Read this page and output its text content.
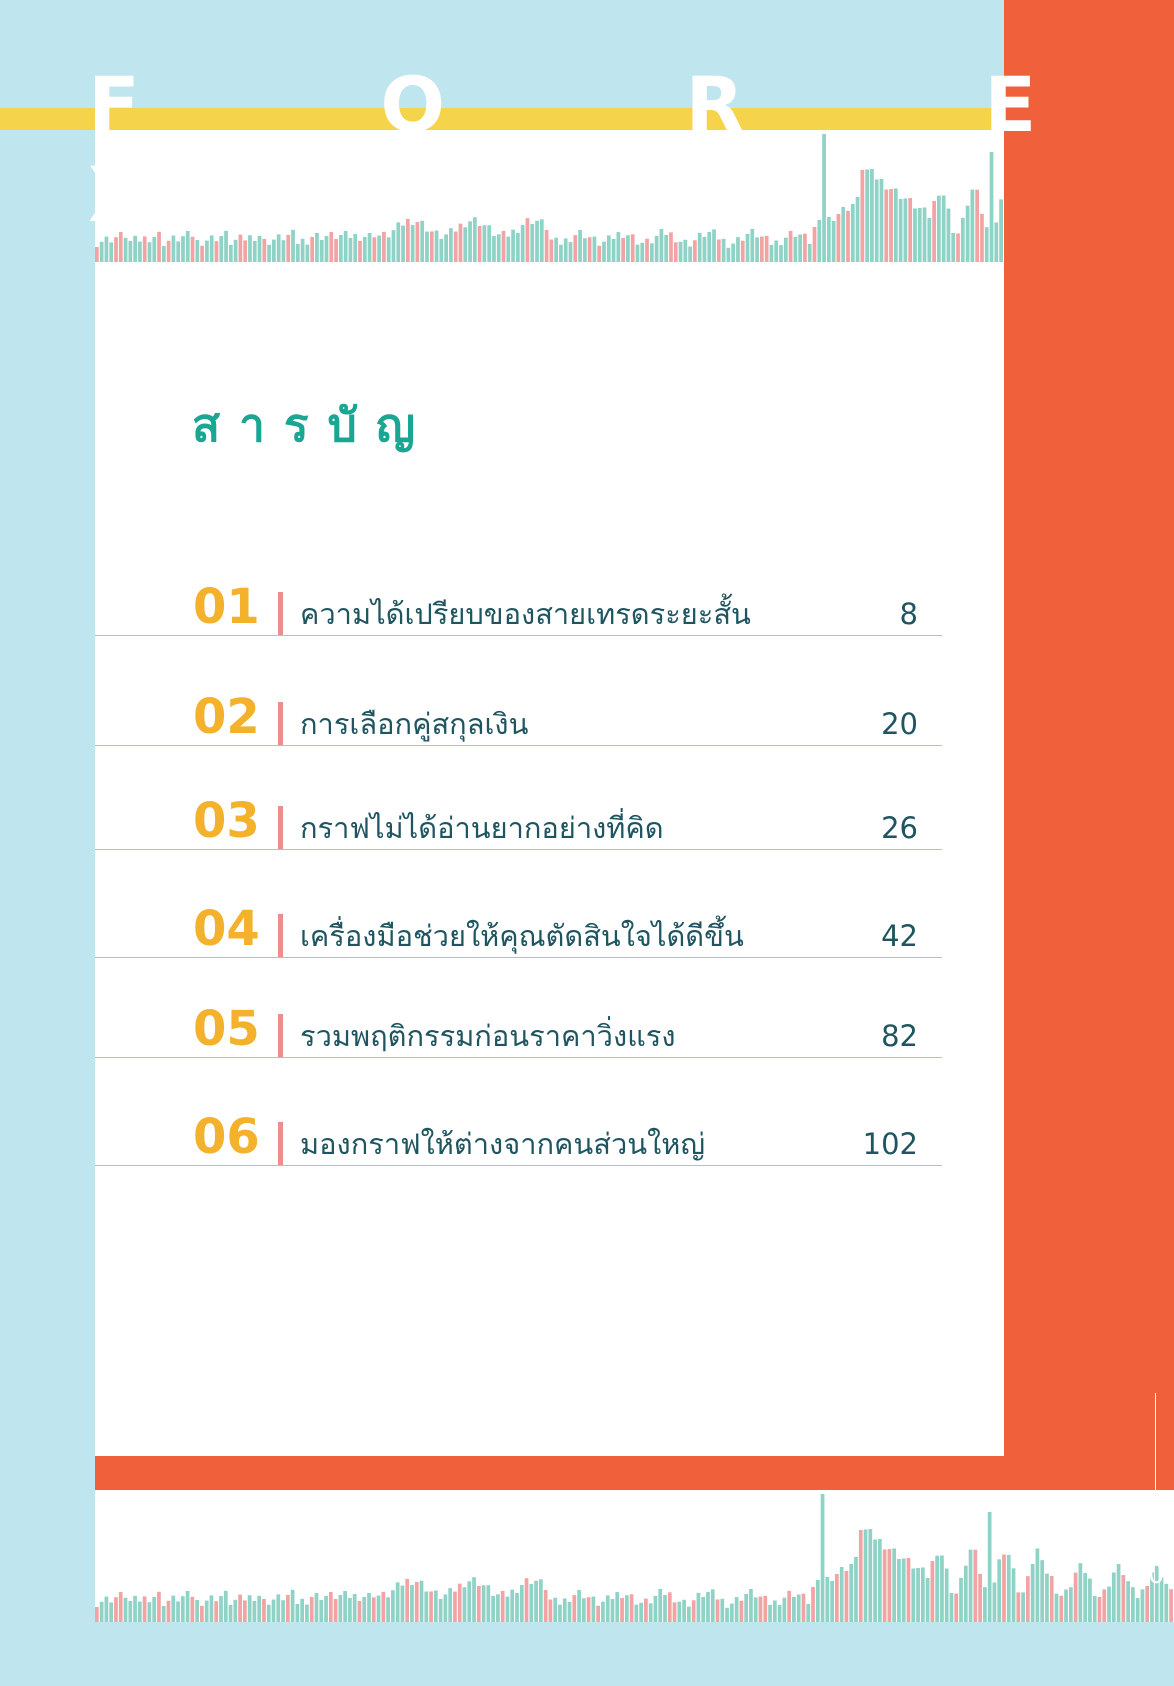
F O R E X
สารบัญ
01 ความได้เปรียบของสายเทรดระยะสั้น	8
02 การเลือกคู่สกุลเงิน	20
03 กราฟไม่ได้อ่านยากอย่างที่คิด	26
04 เครื่องมือช่วยให้คุณตัดสินใจได้ดีขึ้น	42
05 รวมพฤติกรรมก่อนราคาวิ่งแรง	82
06 มองกราฟให้ต่างจากคนส่วนใหญ่	102
0
